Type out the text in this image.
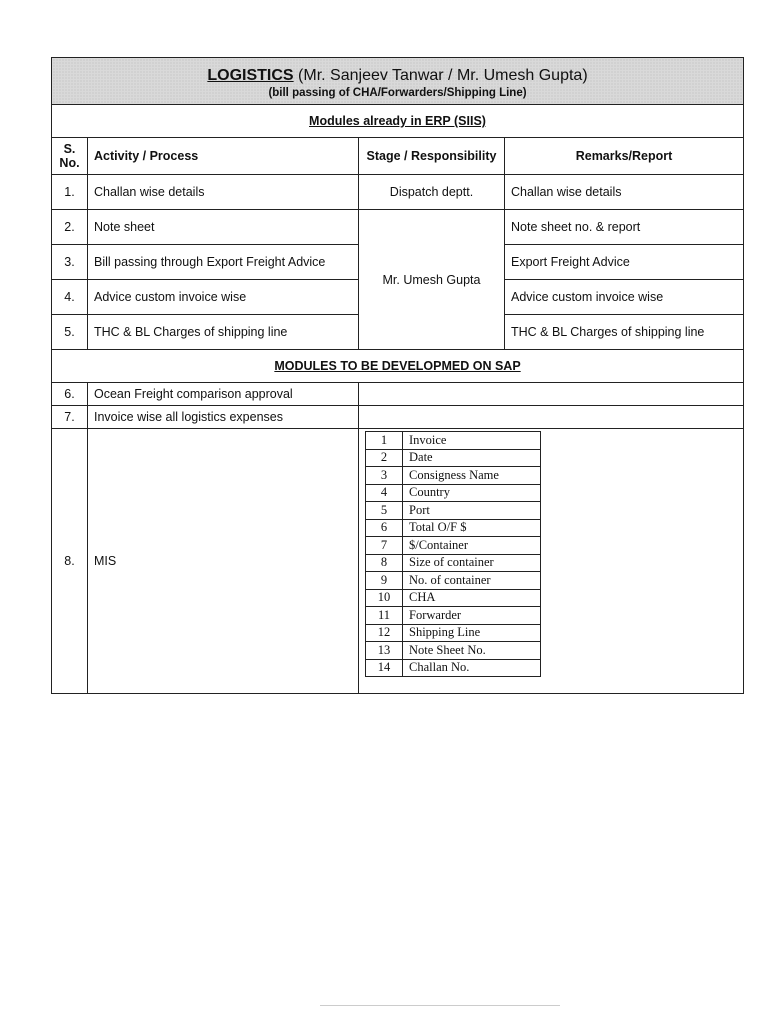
LOGISTICS (Mr. Sanjeev Tanwar / Mr. Umesh Gupta)
(bill passing of CHA/Forwarders/Shipping Line)

Modules already in ERP (SIIS)
S. No.	Activity / Process	Stage / Responsibility	Remarks/Report
1.	Challan wise details	Dispatch deptt.	Challan wise details
2.	Note sheet	Mr. Umesh Gupta	Note sheet no. & report
3.	Bill passing through Export Freight Advice	Export Freight Advice
4.	Advice custom invoice wise	Advice custom invoice wise
5.	THC & BL Charges of shipping line	THC & BL Charges of shipping line
MODULES TO BE DEVELOPMED ON SAP
6.	Ocean Freight comparison approval	
7.	Invoice wise all logistics expenses	
8.	MIS	
1	Invoice
2	Date
3	Consigness Name
4	Country
5	Port
6	Total O/F $
7	$/Container
8	Size of container
9	No. of container
10	CHA
11	Forwarder
12	Shipping Line
13	Note Sheet No.
14	Challan No.
